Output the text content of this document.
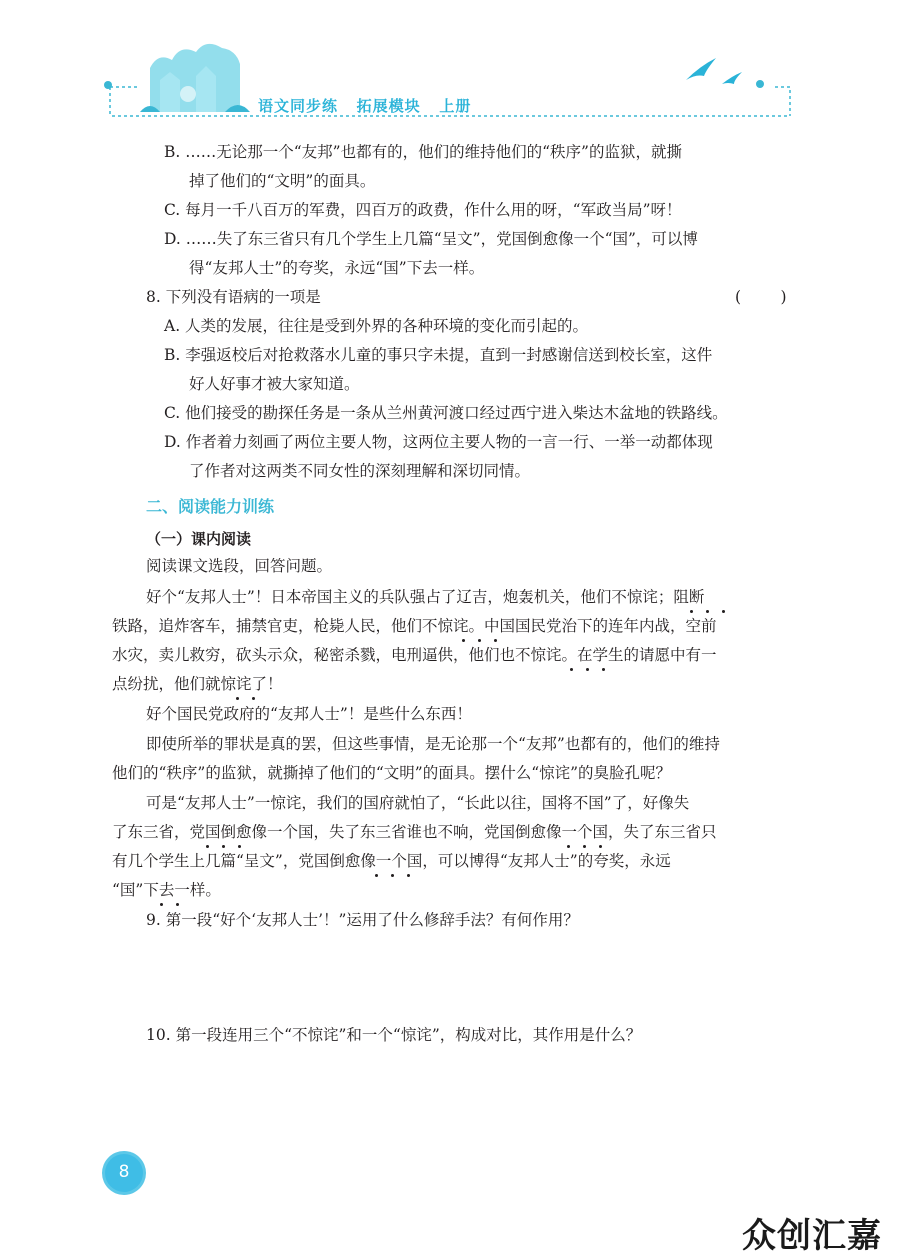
语文同步练   拓展模块   上册
B. ……无论那一个“友邦”也都有的，他们的维持他们的“秩序”的监狱，就撕
掉了他们的“文明”的面具。
C. 每月一千八百万的军费，四百万的政费，作什么用的呀，“军政当局”呀！
D. ……失了东三省只有几个学生上几篇“呈文”，党国倒愈像一个“国”，可以博
得“友邦人士”的夸奖，永远“国”下去一样。
8. 下列没有语病的一项是	(        )
A. 人类的发展，往往是受到外界的各种环境的变化而引起的。
B. 李强返校后对抢救落水儿童的事只字未提，直到一封感谢信送到校长室，这件
好人好事才被大家知道。
C. 他们接受的勘探任务是一条从兰州黄河渡口经过西宁进入柴达木盆地的铁路线。
D. 作者着力刻画了两位主要人物，这两位主要人物的一言一行、一举一动都体现
了作者对这两类不同女性的深刻理解和深切同情。
二、阅读能力训练
（一）课内阅读
阅读课文选段，回答问题。
好个“友邦人士”！日本帝国主义的兵队强占了辽吉，炮轰机关，他们不惊诧；阻断
铁路，追炸客车，捕禁官吏，枪毙人民，他们不惊诧。中国国民党治下的连年内战，空前
水灾，卖儿救穷，砍头示众，秘密杀戮，电刑逼供，他们也不惊诧。在学生的请愿中有一
点纷扰，他们就惊诧了！
好个国民党政府的“友邦人士”！是些什么东西！
即使所举的罪状是真的罢，但这些事情，是无论那一个“友邦”也都有的，他们的维持
他们的“秩序”的监狱，就撕掉了他们的“文明”的面具。摆什么“惊诧”的臭脸孔呢？
可是“友邦人士”一惊诧，我们的国府就怕了，“长此以往，国将不国”了，好像失
了东三省，党国倒愈像一个国，失了东三省谁也不响，党国倒愈像一个国，失了东三省只
有几个学生上几篇“呈文”，党国倒愈像一个国，可以博得“友邦人士”的夸奖，永远
“国”下去一样。
9. 第一段“好个‘友邦人士’！”运用了什么修辞手法？有何作用？
10. 第一段连用三个“不惊诧”和一个“惊诧”，构成对比，其作用是什么？
8
众创汇嘉
